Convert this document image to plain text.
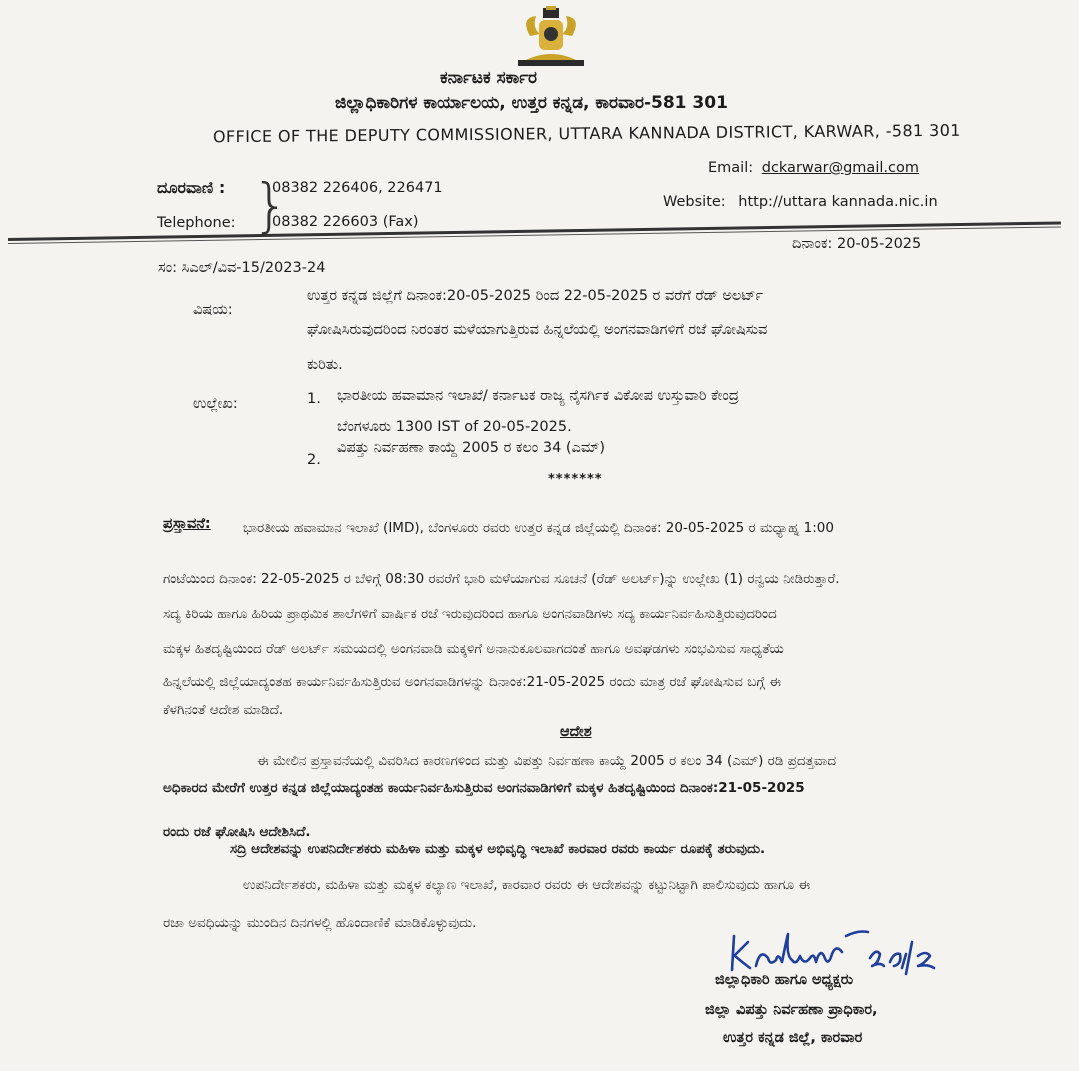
ಕರ್ನಾಟಕ ಸರ್ಕಾರ
ಜಿಲ್ಲಾಧಿಕಾರಿಗಳ ಕಾರ್ಯಾಲಯ, ಉತ್ತರ ಕನ್ನಡ, ಕಾರವಾರ-581 301
OFFICE OF THE DEPUTY COMMISSIONER, UTTARA KANNADA DISTRICT, KARWAR, -581 301
ದೂರವಾಣಿ :
Telephone: }
08382 226406, 226471
08382 226603 (Fax)
Email: dckarwar@gmail.com
Website: http://uttara kannada.nic.in
ದಿನಾಂಕ: 20-05-2025
ಸಂ: ಸಿಎಲ್/ವಿವ-15/2023-24
ವಿಷಯ:
ಉತ್ತರ ಕನ್ನಡ ಜಿಲ್ಲೆಗೆ ದಿನಾಂಕ:20-05-2025 ರಿಂದ 22-05-2025 ರ ವರೆಗೆ ರೆಡ್ ಅಲರ್ಟ್
ಘೋಷಿಸಿರುವುದರಿಂದ ನಿರಂತರ ಮಳೆಯಾಗುತ್ತಿರುವ ಹಿನ್ನಲೆಯಲ್ಲಿ ಅಂಗನವಾಡಿಗಳಿಗೆ ರಜೆ ಘೋಷಿಸುವ
ಕುರಿತು.
ಉಲ್ಲೇಖ:	1. ಭಾರತೀಯ ಹವಾಮಾನ ಇಲಾಖೆ/ ಕರ್ನಾಟಕ ರಾಜ್ಯ ನೈಸರ್ಗಿಕ ವಿಕೋಪ ಉಸ್ತುವಾರಿ ಕೇಂದ್ರ
ಬೆಂಗಳೂರು 1300 IST of 20-05-2025.
2.
ವಿಪತ್ತು ನಿರ್ವಹಣಾ ಕಾಯ್ದೆ 2005 ರ ಕಲಂ 34 (ಎಮ್)
*******
ಪ್ರಸ್ತಾವನೆ: ಭಾರತೀಯ ಹವಾಮಾನ ಇಲಾಖೆ (IMD), ಬೆಂಗಳೂರು ರವರು ಉತ್ತರ ಕನ್ನಡ ಜಿಲ್ಲೆಯಲ್ಲಿ ದಿನಾಂಕ: 20-05-2025 ರ ಮಧ್ಯಾಹ್ನ 1:00
ಗಂಟೆಯಿಂದ ದಿನಾಂಕ: 22-05-2025 ರ ಬೆಳಿಗ್ಗೆ 08:30 ರವರೆಗೆ ಭಾರಿ ಮಳೆಯಾಗುವ ಸೂಚನೆ (ರೆಡ್ ಅಲರ್ಟ್)ನ್ನು ಉಲ್ಲೇಖ (1) ರನ್ವಯ ನೀಡಿರುತ್ತಾರೆ.
ಸದ್ಯ ಕಿರಿಯ ಹಾಗೂ ಹಿರಿಯ ಪ್ರಾಥಮಿಕ ಶಾಲೆಗಳಿಗೆ ವಾರ್ಷಿಕ ರಜೆ ಇರುವುದರಿಂದ ಹಾಗೂ ಅಂಗನವಾಡಿಗಳು ಸದ್ಯ ಕಾರ್ಯನಿರ್ವಹಿಸುತ್ತಿರುವುದರಿಂದ
ಮಕ್ಕಳ ಹಿತದೃಷ್ಟಿಯಿಂದ ರೆಡ್ ಅಲರ್ಟ್ ಸಮಯದಲ್ಲಿ ಅಂಗನವಾಡಿ ಮಕ್ಕಳಿಗೆ ಅನಾನುಕೂಲವಾಗದಂತೆ ಹಾಗೂ ಅವಘಡಗಳು ಸಂಭವಿಸುವ ಸಾಧ್ಯತೆಯ
ಹಿನ್ನಲೆಯಲ್ಲಿ ಜಿಲ್ಲೆಯಾದ್ಯಂತಹ ಕಾರ್ಯನಿರ್ವಹಿಸುತ್ತಿರುವ ಅಂಗನವಾಡಿಗಳನ್ನು ದಿನಾಂಕ:21-05-2025 ರಂದು ಮಾತ್ರ ರಜೆ ಘೋಷಿಸುವ ಬಗ್ಗೆ ಈ
ಕೆಳಗಿನಂತೆ ಆದೇಶ ಮಾಡಿದೆ.
ಆದೇಶ
ಈ ಮೇಲಿನ ಪ್ರಸ್ತಾವನೆಯಲ್ಲಿ ವಿವರಿಸಿದ ಕಾರಣಗಳಿಂದ ಮತ್ತು ವಿಪತ್ತು ನಿರ್ವಹಣಾ ಕಾಯ್ದೆ 2005 ರ ಕಲಂ 34 (ಎಮ್) ರಡಿ ಪ್ರದತ್ತವಾದ
ಅಧಿಕಾರದ ಮೇರೆಗೆ ಉತ್ತರ ಕನ್ನಡ ಜಿಲ್ಲೆಯಾದ್ಯಂತಹ ಕಾರ್ಯನಿರ್ವಹಿಸುತ್ತಿರುವ ಅಂಗನವಾಡಿಗಳಿಗೆ ಮಕ್ಕಳ ಹಿತದೃಷ್ಟಿಯಿಂದ ದಿನಾಂಕ:21-05-2025
ರಂದು ರಜೆ ಘೋಷಿಸಿ ಆದೇಶಿಸಿದೆ.
ಸದ್ರಿ ಆದೇಶವನ್ನು ಉಪನಿರ್ದೇಶಕರು ಮಹಿಳಾ ಮತ್ತು ಮಕ್ಕಳ ಅಭಿವೃದ್ಧಿ ಇಲಾಖೆ ಕಾರವಾರ ರವರು ಕಾರ್ಯ ರೂಪಕ್ಕೆ ತರುವುದು.
ಉಪನಿರ್ದೇಶಕರು, ಮಹಿಳಾ ಮತ್ತು ಮಕ್ಕಳ ಕಲ್ಯಾಣ ಇಲಾಖೆ, ಕಾರವಾರ ರವರು ಈ ಆದೇಶವನ್ನು ಕಟ್ಟುನಿಟ್ಟಾಗಿ ಪಾಲಿಸುವುದು ಹಾಗೂ ಈ
ರಜಾ ಅವಧಿಯನ್ನು ಮುಂದಿನ ದಿನಗಳಲ್ಲಿ ಹೊಂದಾಣಿಕೆ ಮಾಡಿಕೊಳ್ಳುವುದು.
ಜಿಲ್ಲಾಧಿಕಾರಿ ಹಾಗೂ ಅಧ್ಯಕ್ಷರು
ಜಿಲ್ಲಾ ವಿಪತ್ತು ನಿರ್ವಹಣಾ ಪ್ರಾಧಿಕಾರ,
ಉತ್ತರ ಕನ್ನಡ ಜಿಲ್ಲೆ, ಕಾರವಾರ
